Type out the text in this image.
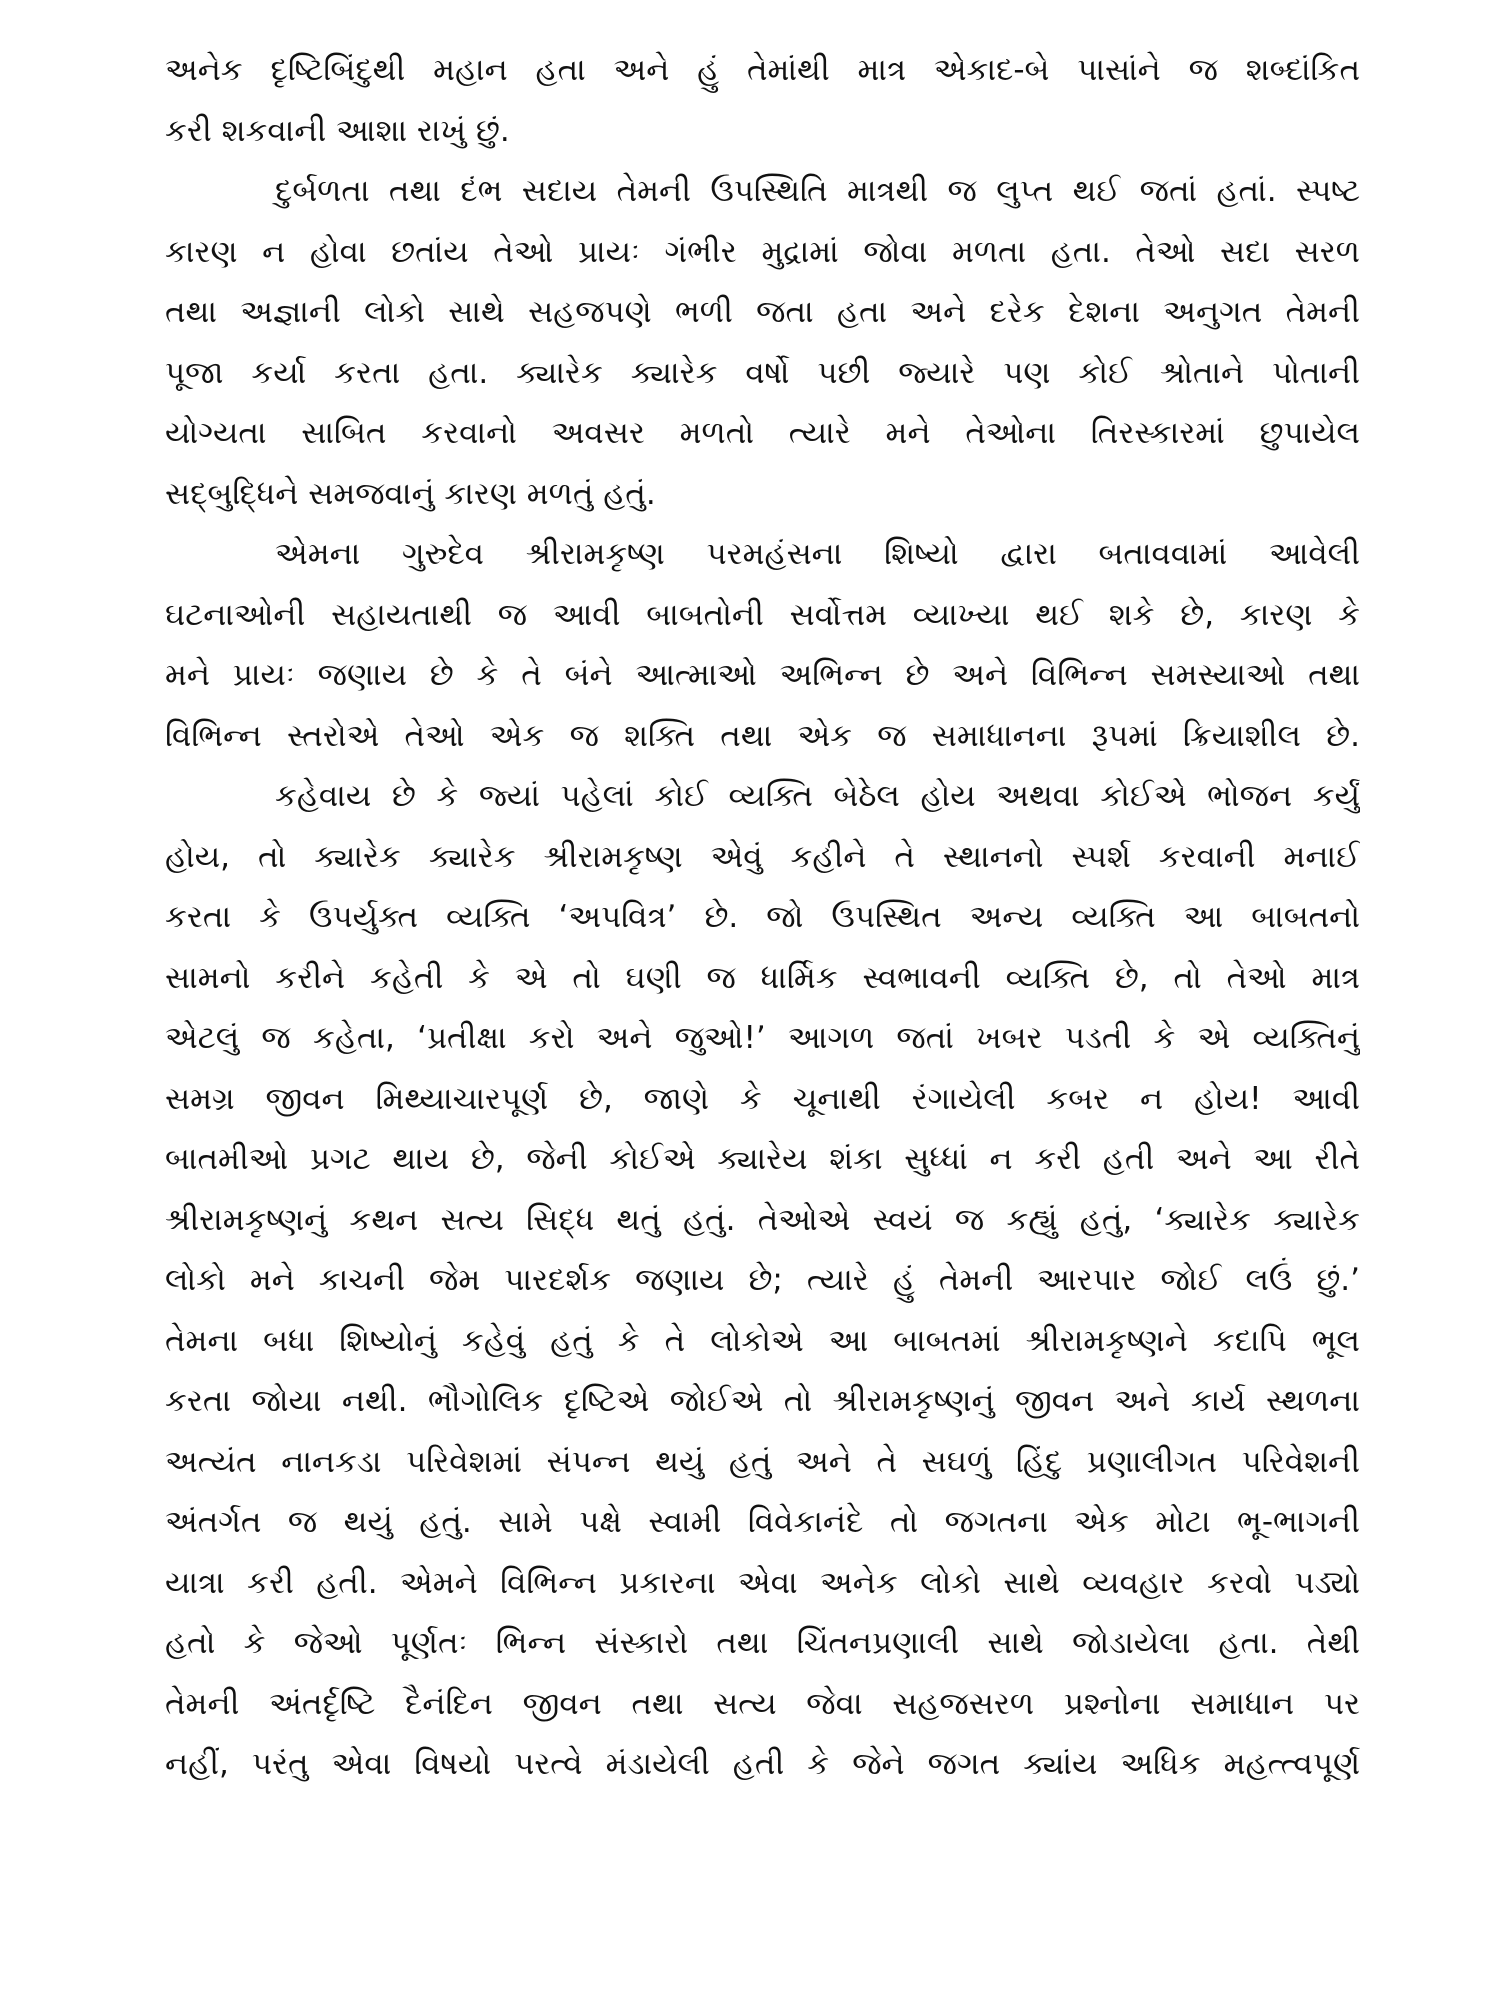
અનેક દૃષ્ટિબિંદુથી મહાન હતા અને હું તેમાંથી માત્ર એકાદ-બે પાસાંને જ શબ્દાંકિત
કરી શકવાની આશા રાખું છું.
દુર્બળતા તથા દંભ સદાય તેમની ઉપસ્થિતિ માત્રથી જ લુપ્ત થઈ જતાં હતાં. સ્પષ્ટ
કારણ ન હોવા છતાંય તેઓ પ્રાયઃ ગંભીર મુદ્રામાં જોવા મળતા હતા. તેઓ સદા સરળ
તથા અજ્ઞાની લોકો સાથે સહજપણે ભળી જતા હતા અને દરેક દેશના અનુગત તેમની
પૂજા કર્યા કરતા હતા. ક્યારેક ક્યારેક વર્ષો પછી જ્યારે પણ કોઈ શ્રોતાને પોતાની
યોગ્યતા સાબિત કરવાનો અવસર મળતો ત્યારે મને તેઓના તિરસ્કારમાં છુપાયેલ
સદ્બુદ્ધિને સમજવાનું કારણ મળતું હતું.
એમના ગુરુદેવ શ્રીરામકૃષ્ણ પરમહંસના શિષ્યો દ્વારા બતાવવામાં આવેલી
ઘટનાઓની સહાયતાથી જ આવી બાબતોની સર્વોત્તમ વ્યાખ્યા થઈ શકે છે, કારણ કે
મને પ્રાયઃ જણાય છે કે તે બંને આત્માઓ અભિન્ન છે અને વિભિન્ન સમસ્યાઓ તથા
વિભિન્ન સ્તરોએ તેઓ એક જ શક્તિ તથા એક જ સમાધાનના રૂપમાં ક્રિયાશીલ છે.
કહેવાય છે કે જ્યાં પહેલાં કોઈ વ્યક્તિ બેઠેલ હોય અથવા કોઈએ ભોજન કર્યું
હોય, તો ક્યારેક ક્યારેક શ્રીરામકૃષ્ણ એવું કહીને તે સ્થાનનો સ્પર્શ કરવાની મનાઈ
કરતા કે ઉપર્યુક્ત વ્યક્તિ ‘અપવિત્ર’ છે. જો ઉપસ્થિત અન્ય વ્યક્તિ આ બાબતનો
સામનો કરીને કહેતી કે એ તો ઘણી જ ધાર્મિક સ્વભાવની વ્યક્તિ છે, તો તેઓ માત્ર
એટલું જ કહેતા, ‘પ્રતીક્ષા કરો અને જુઓ!’ આગળ જતાં ખબર પડતી કે એ વ્યક્તિનું
સમગ્ર જીવન મિથ્યાચારપૂર્ણ છે, જાણે કે ચૂનાથી રંગાયેલી કબર ન હોય! આવી
બાતમીઓ પ્રગટ થાય છે, જેની કોઈએ ક્યારેય શંકા સુધ્ધાં ન કરી હતી અને આ રીતે
શ્રીરામકૃષ્ણનું કથન સત્ય સિદ્ધ થતું હતું. તેઓએ સ્વયં જ કહ્યું હતું, ‘ક્યારેક ક્યારેક
લોકો મને કાચની જેમ પારદર્શક જણાય છે; ત્યારે હું તેમની આરપાર જોઈ લઉં છું.’
તેમના બધા શિષ્યોનું કહેવું હતું કે તે લોકોએ આ બાબતમાં શ્રીરામકૃષ્ણને કદાપિ ભૂલ
કરતા જોયા નથી. ભૌગોલિક દૃષ્ટિએ જોઈએ તો શ્રીરામકૃષ્ણનું જીવન અને કાર્ય સ્થળના
અત્યંત નાનકડા પરિવેશમાં સંપન્ન થયું હતું અને તે સઘળું હિંદુ પ્રણાલીગત પરિવેશની
અંતર્ગત જ થયું હતું. સામે પક્ષે સ્વામી વિવેકાનંદે તો જગતના એક મોટા ભૂ-ભાગની
યાત્રા કરી હતી. એમને વિભિન્ન પ્રકારના એવા અનેક લોકો સાથે વ્યવહાર કરવો પડ્યો
હતો કે જેઓ પૂર્ણતઃ ભિન્ન સંસ્કારો તથા ચિંતનપ્રણાલી સાથે જોડાયેલા હતા. તેથી
તેમની અંતર્દૃષ્ટિ દૈનંદિન જીવન તથા સત્ય જેવા સહજસરળ પ્રશ્નોના સમાધાન પર
નહીં, પરંતુ એવા વિષયો પરત્વે મંડાયેલી હતી કે જેને જગત ક્યાંય અધિક મહત્ત્વપૂર્ણ
